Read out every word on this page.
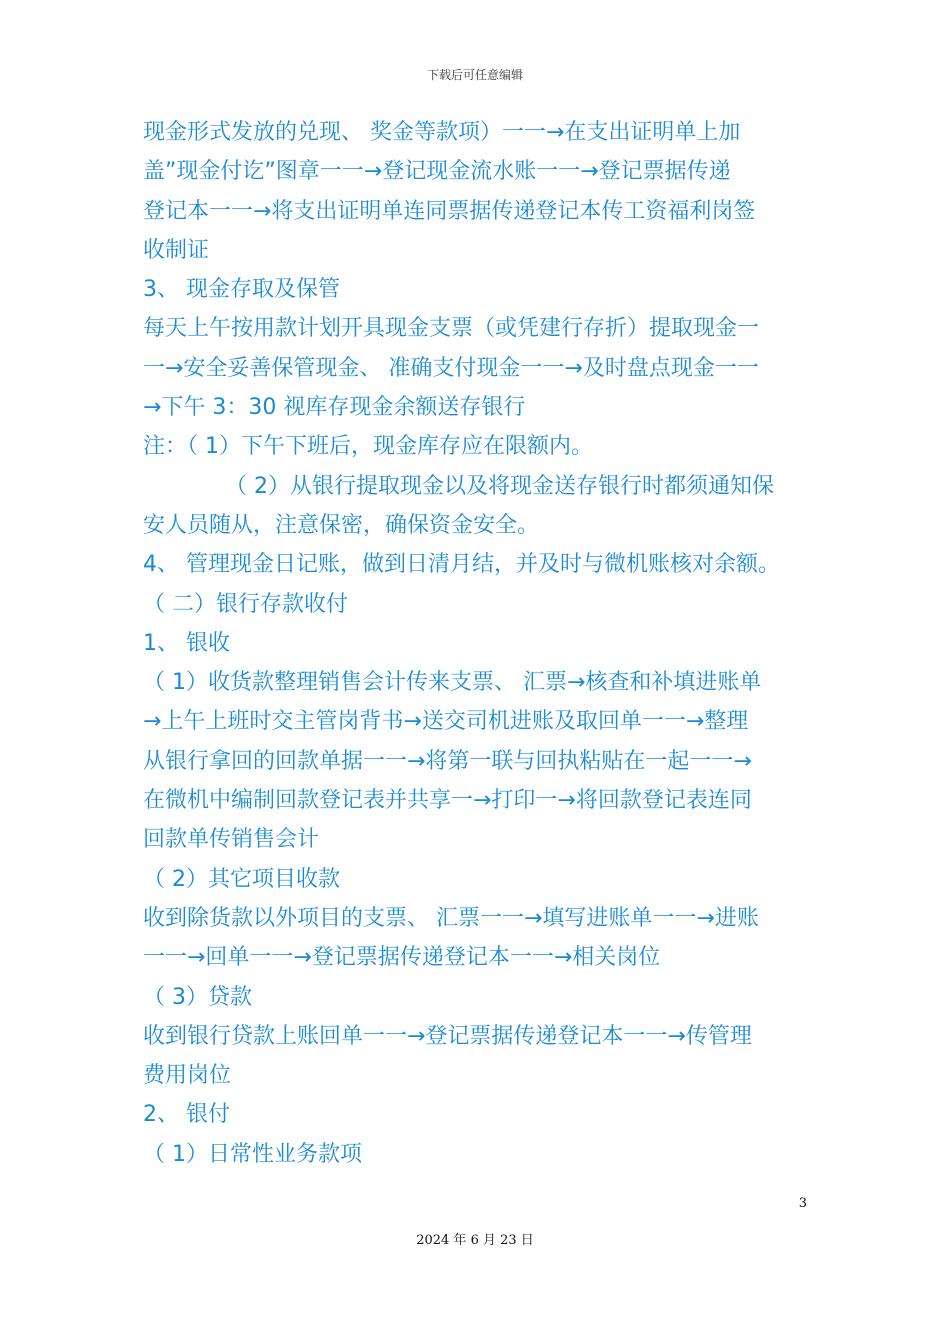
下载后可任意编辑
现金形式发放的兑现、 奖金等款项）一一→在支出证明单上加
盖”现金付讫”图章一一→登记现金流水账一一→登记票据传递
登记本一一→将支出证明单连同票据传递登记本传工资福利岗签
收制证
3、 现金存取及保管
每天上午按用款计划开具现金支票（或凭建行存折）提取现金一
一→安全妥善保管现金、 准确支付现金一一→及时盘点现金一一
→下午 3：30 视库存现金余额送存银行
注：（ 1）下午下班后，现金库存应在限额内。
（ 2）从银行提取现金以及将现金送存银行时都须通知保
安人员随从，注意保密，确保资金安全。
4、 管理现金日记账，做到日清月结，并及时与微机账核对余额。
（ 二）银行存款收付
1、 银收
（ 1）收货款整理销售会计传来支票、 汇票→核查和补填进账单
→上午上班时交主管岗背书→送交司机进账及取回单一一→整理
从银行拿回的回款单据一一→将第一联与回执粘贴在一起一一→
在微机中编制回款登记表并共享一→打印一→将回款登记表连同
回款单传销售会计
（ 2）其它项目收款
收到除货款以外项目的支票、 汇票一一→填写进账单一一→进账
一一→回单一一→登记票据传递登记本一一→相关岗位
（ 3）贷款
收到银行贷款上账回单一一→登记票据传递登记本一一→传管理
费用岗位
2、 银付
（ 1）日常性业务款项
3
2024 年 6 月 23 日
